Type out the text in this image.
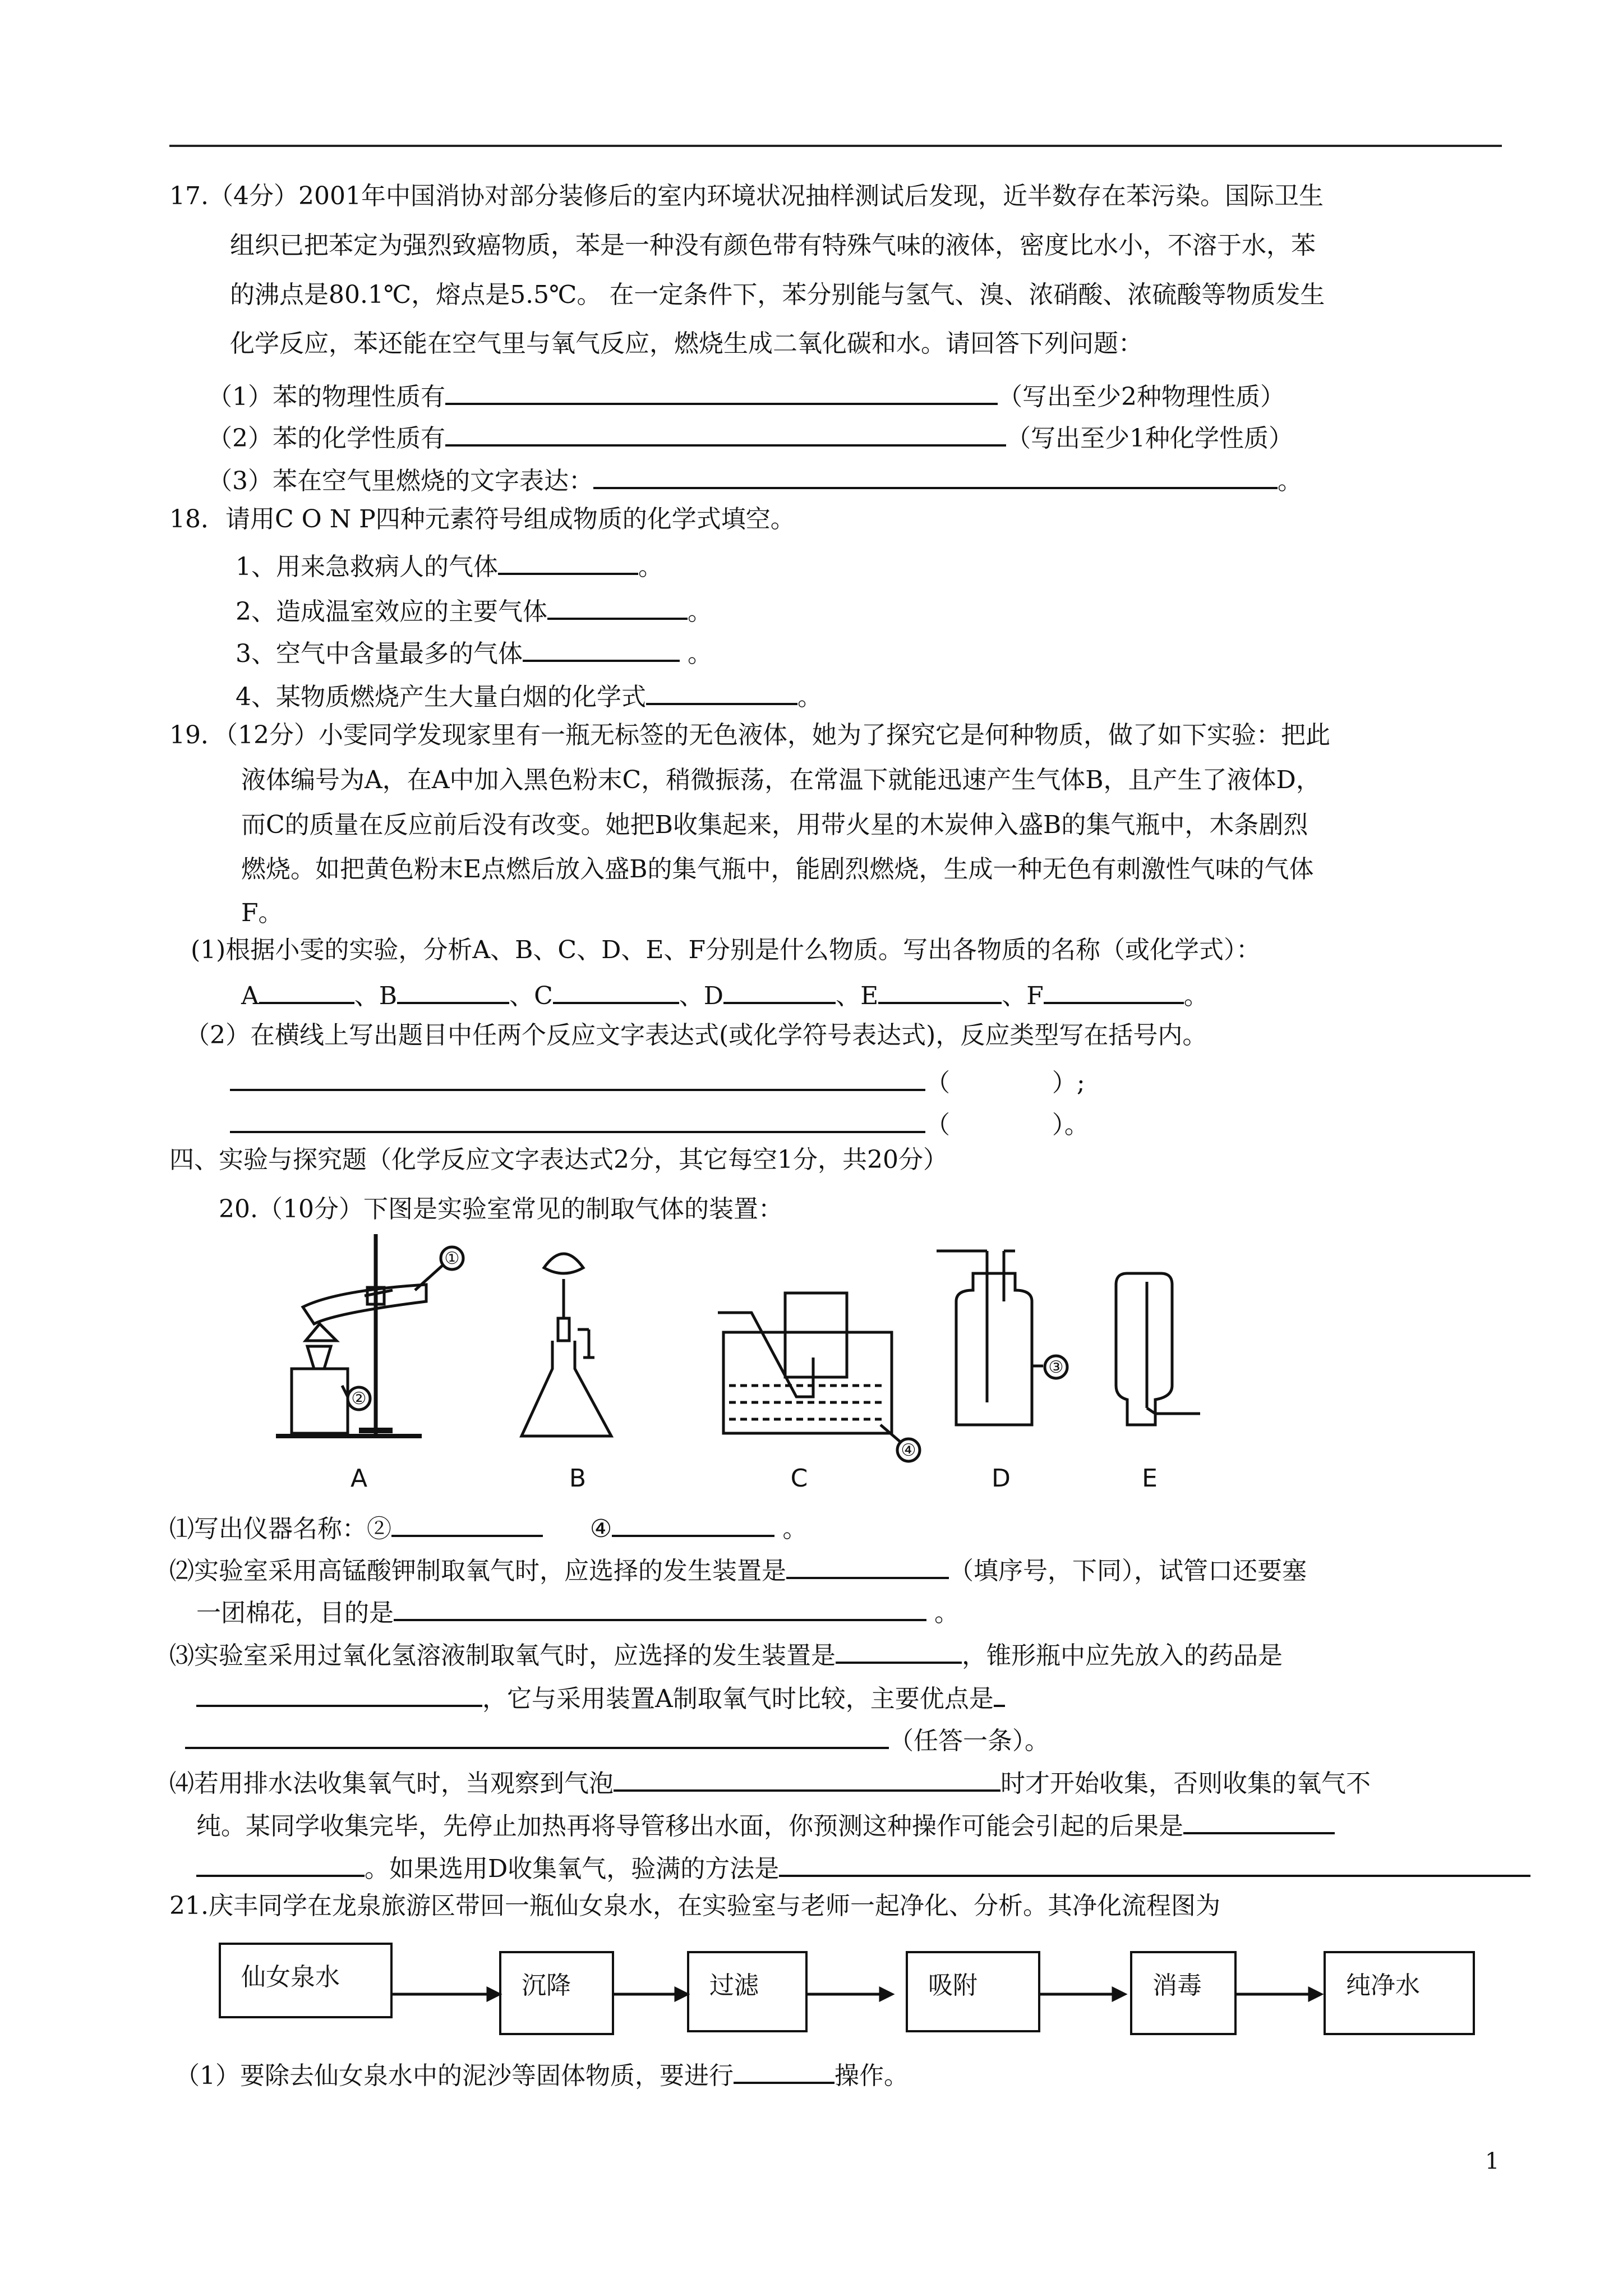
17.（4分）2001年中国消协对部分装修后的室内环境状况抽样测试后发现，近半数存在苯污染。国际卫生
组织已把苯定为强烈致癌物质，苯是一种没有颜色带有特殊气味的液体，密度比水小，不溶于水，苯
的沸点是80.1℃，熔点是5.5℃。 在一定条件下，苯分别能与氢气、溴、浓硝酸、浓硫酸等物质发生
化学反应，苯还能在空气里与氧气反应，燃烧生成二氧化碳和水。请回答下列问题：
（1）苯的物理性质有	（写出至少2种物理性质）
（2）苯的化学性质有	（写出至少1种化学性质）
（3）苯在空气里燃烧的文字表达：	。
18．请用C O N P四种元素符号组成物质的化学式填空。
1、用来急救病人的气体	。
2、造成温室效应的主要气体	。
3、空气中含量最多的气体	。
4、某物质燃烧产生大量白烟的化学式	。
19．（12分）小雯同学发现家里有一瓶无标签的无色液体，她为了探究它是何种物质，做了如下实验：把此
液体编号为A，在A中加入黑色粉末C，稍微振荡，在常温下就能迅速产生气体B，且产生了液体D，
而C的质量在反应前后没有改变。她把B收集起来，用带火星的木炭伸入盛B的集气瓶中，木条剧烈
燃烧。如把黄色粉末E点燃后放入盛B的集气瓶中，能剧烈燃烧，生成一种无色有刺激性气味的气体
F。
(1)根据小雯的实验，分析A、B、C、D、E、F分别是什么物质。写出各物质的名称（或化学式）：
A	、B	、C	、D	、E	、F	。
（2）在横线上写出题目中任两个反应文字表达式(或化学符号表达式)，反应类型写在括号内。
（             ）;
（             ）。
四、实验与探究题（化学反应文字表达式2分，其它每空1分，共20分）
20.（10分）下图是实验室常见的制取气体的装置：
①
②
③
④
A	B	C	D	E
⑴写出仪器名称：②	④	。
⑵实验室采用高锰酸钾制取氧气时，应选择的发生装置是	（填序号，下同），试管口还要塞
一团棉花，目的是	。
⑶实验室采用过氧化氢溶液制取氧气时，应选择的发生装置是	，锥形瓶中应先放入的药品是
，它与采用装置A制取氧气时比较，主要优点是
（任答一条）。
⑷若用排水法收集氧气时，当观察到气泡	时才开始收集，否则收集的氧气不
纯。某同学收集完毕，先停止加热再将导管移出水面，你预测这种操作可能会引起的后果是
。如果选用D收集氧气，验满的方法是
21.庆丰同学在龙泉旅游区带回一瓶仙女泉水，在实验室与老师一起净化、分析。其净化流程图为
仙女泉水	沉降	过滤	吸附	消毒	纯净水
（1）要除去仙女泉水中的泥沙等固体物质，要进行	操作。
1
